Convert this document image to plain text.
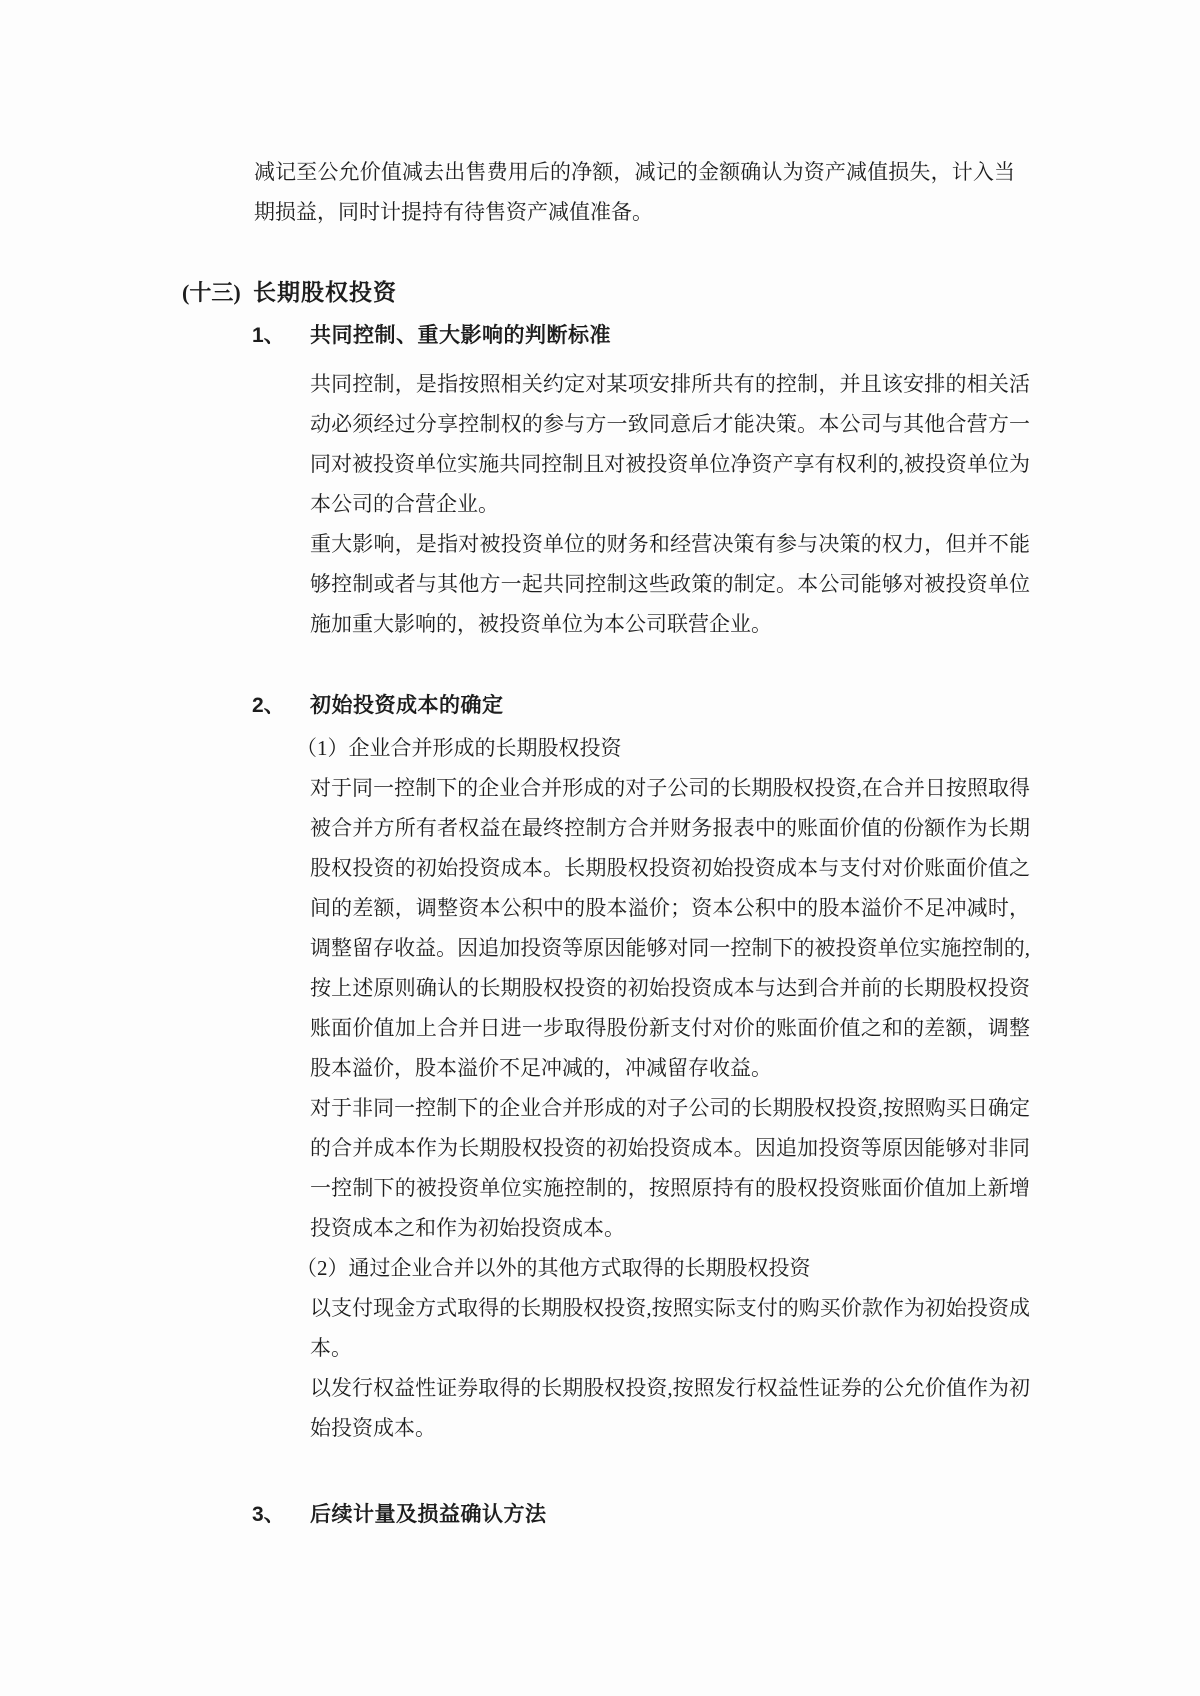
减记至公允价值减去出售费用后的净额，减记的金额确认为资产减值损失，计入当期损益，同时计提持有待售资产减值准备。

(十三) 长期股权投资
1、 共同控制、重大影响的判断标准

共同控制，是指按照相关约定对某项安排所共有的控制，并且该安排的相关活动必须经过分享控制权的参与方一致同意后才能决策。本公司与其他合营方一同对被投资单位实施共同控制且对被投资单位净资产享有权利的,被投资单位为本公司的合营企业。

重大影响，是指对被投资单位的财务和经营决策有参与决策的权力，但并不能够控制或者与其他方一起共同控制这些政策的制定。本公司能够对被投资单位施加重大影响的，被投资单位为本公司联营企业。

2、 初始投资成本的确定

（1）企业合并形成的长期股权投资

对于同一控制下的企业合并形成的对子公司的长期股权投资,在合并日按照取得被合并方所有者权益在最终控制方合并财务报表中的账面价值的份额作为长期股权投资的初始投资成本。长期股权投资初始投资成本与支付对价账面价值之间的差额，调整资本公积中的股本溢价；资本公积中的股本溢价不足冲减时，调整留存收益。因追加投资等原因能够对同一控制下的被投资单位实施控制的,按上述原则确认的长期股权投资的初始投资成本与达到合并前的长期股权投资账面价值加上合并日进一步取得股份新支付对价的账面价值之和的差额，调整股本溢价，股本溢价不足冲减的，冲减留存收益。

对于非同一控制下的企业合并形成的对子公司的长期股权投资,按照购买日确定的合并成本作为长期股权投资的初始投资成本。因追加投资等原因能够对非同一控制下的被投资单位实施控制的，按照原持有的股权投资账面价值加上新增投资成本之和作为初始投资成本。

（2）通过企业合并以外的其他方式取得的长期股权投资

以支付现金方式取得的长期股权投资,按照实际支付的购买价款作为初始投资成本。

以发行权益性证券取得的长期股权投资,按照发行权益性证券的公允价值作为初始投资成本。

3、 后续计量及损益确认方法
